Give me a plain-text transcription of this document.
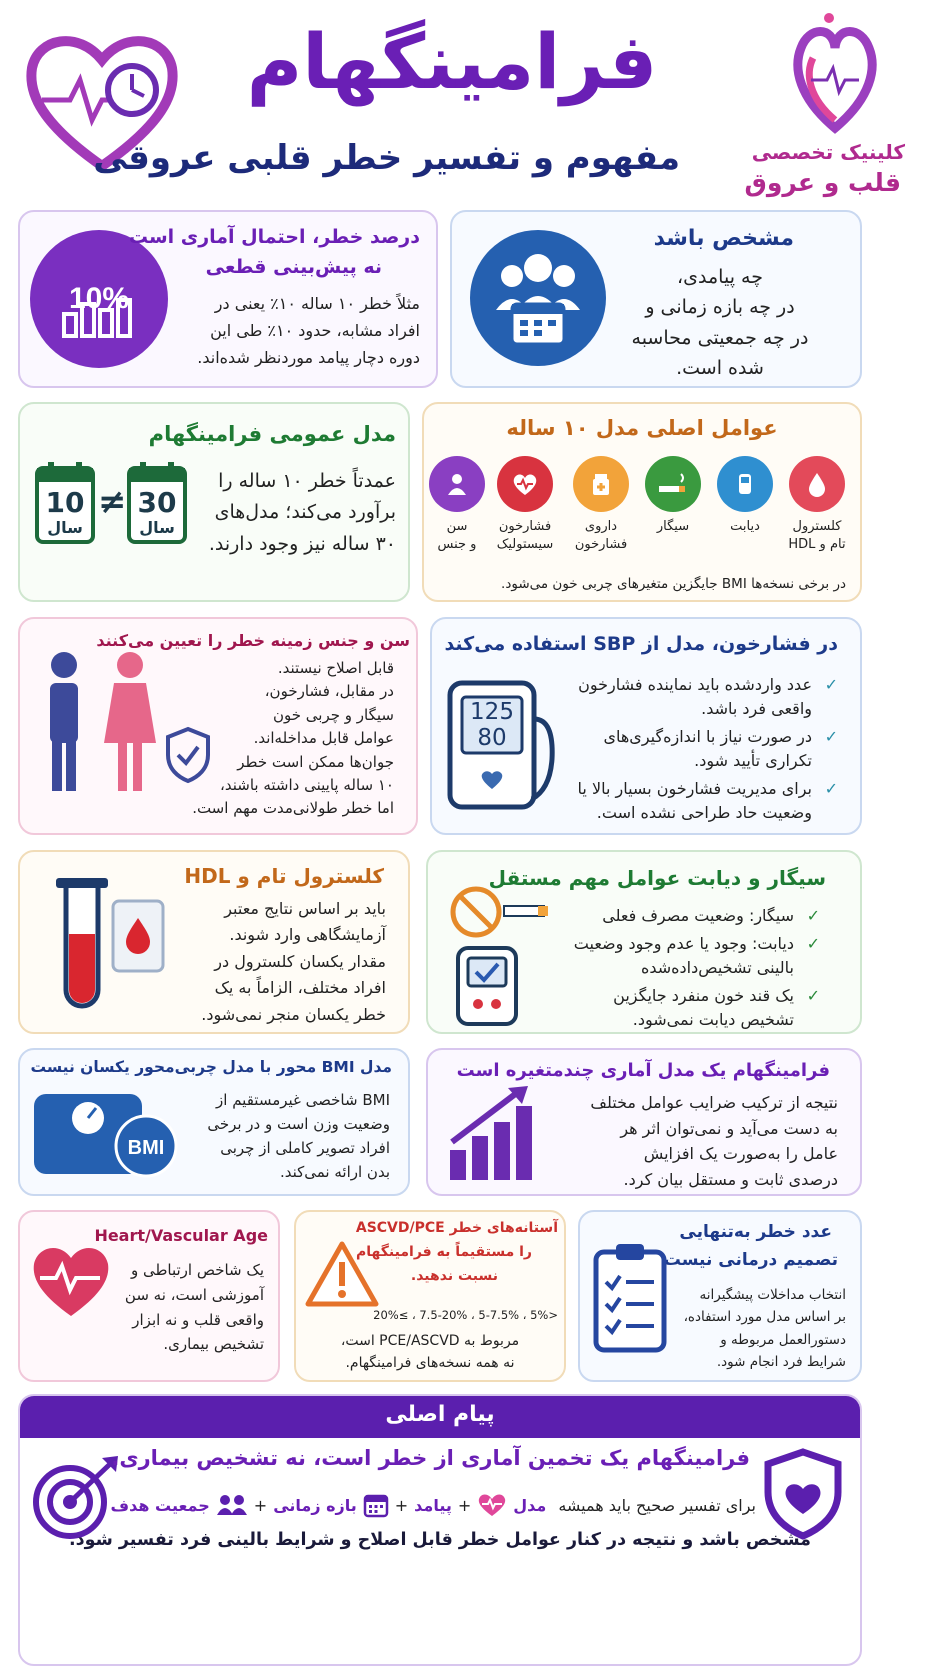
کلینیک تخصصی
قلب و عروق
فرامینگهام
مفهوم و تفسیر خطر قلبی عروقی
مشخص باشد
چه پیامدی،
در چه بازه زمانی و
در چه جمعیتی محاسبه
شده است.
10%
درصد خطر، احتمال آماری است
نه پیش‌بینی قطعی
مثلاً خطر ۱۰ ساله ۱۰٪ یعنی در
افراد مشابه، حدود ۱۰٪ طی این
دوره دچار پیامد موردنظر شده‌اند.
عوامل اصلی مدل ۱۰ ساله
کلسترول
تام و HDL
دیابت
سیگار
داروی
فشارخون
فشارخون
سیستولیک
سن
و جنس
در برخی نسخه‌ها BMI جایگزین متغیرهای چربی خون می‌شود.
مدل عمومی فرامینگهام
30
سال
≠
10
سال
عمدتاً خطر ۱۰ ساله را
برآورد می‌کند؛ مدل‌های
۳۰ ساله نیز وجود دارند.
در فشارخون، مدل از SBP استفاده می‌کند
125
80
✓ عدد واردشده باید نماینده فشارخون واقعی فرد باشد.
✓ در صورت نیاز با اندازه‌گیری‌های تکراری تأیید شود.
✓ برای مدیریت فشارخون بسیار بالا یا وضعیت حاد طراحی نشده است.
سن و جنس زمینه خطر را تعیین می‌کنند
قابل اصلاح نیستند.
در مقابل، فشارخون،
سیگار و چربی خون
عوامل قابل مداخله‌اند.
جوان‌ها ممکن است خطر
۱۰ ساله پایینی داشته باشند،
اما خطر طولانی‌مدت مهم است.
سیگار و دیابت عوامل مهم مستقل
✓ سیگار: وضعیت مصرف فعلی
✓ دیابت: وجود یا عدم وجود وضعیت بالینی تشخیص‌داده‌شده
✓ یک قند خون منفرد جایگزین تشخیص دیابت نمی‌شود.
کلسترول تام و HDL
باید بر اساس نتایج معتبر
آزمایشگاهی وارد شوند.
مقدار یکسان کلسترول در
افراد مختلف، الزاماً به یک
خطر یکسان منجر نمی‌شود.
فرامینگهام یک مدل آماری چندمتغیره است
نتیجه از ترکیب ضرایب عوامل مختلف
به دست می‌آید و نمی‌توان اثر هر
عامل را به‌صورت یک افزایش
درصدی ثابت و مستقل بیان کرد.
مدل BMI محور با مدل چربی‌محور یکسان نیست
BMI
BMI شاخصی غیرمستقیم از
وضعیت وزن است و در برخی
افراد تصویر کاملی از چربی
بدن ارائه نمی‌کند.
عدد خطر به‌تنهایی
تصمیم درمانی نیست
انتخاب مداخلات پیشگیرانه
بر اساس مدل مورد استفاده،
دستورالعمل مربوطه و
شرایط فرد انجام شود.
آستانه‌های خطر ASCVD/PCE
را مستقیماً به فرامینگهام
نسبت ندهید.
<5% ، 5-7.5% ، 7.5-20% ، ≥20%
مربوط به PCE/ASCVD است،
نه همه نسخه‌های فرامینگهام.
Heart/Vascular Age
یک شاخص ارتباطی و
آموزشی است، نه سن
واقعی قلب و نه ابزار
تشخیص بیماری.
پیام اصلی
فرامینگهام یک تخمین آماری از خطر است، نه تشخیص بیماری.
برای تفسیر صحیح باید همیشه
مدل
+
پیامد
+
بازه زمانی
+
جمعیت هدف
مشخص باشد و نتیجه در کنار عوامل خطر قابل اصلاح و شرایط بالینی فرد تفسیر شود.
